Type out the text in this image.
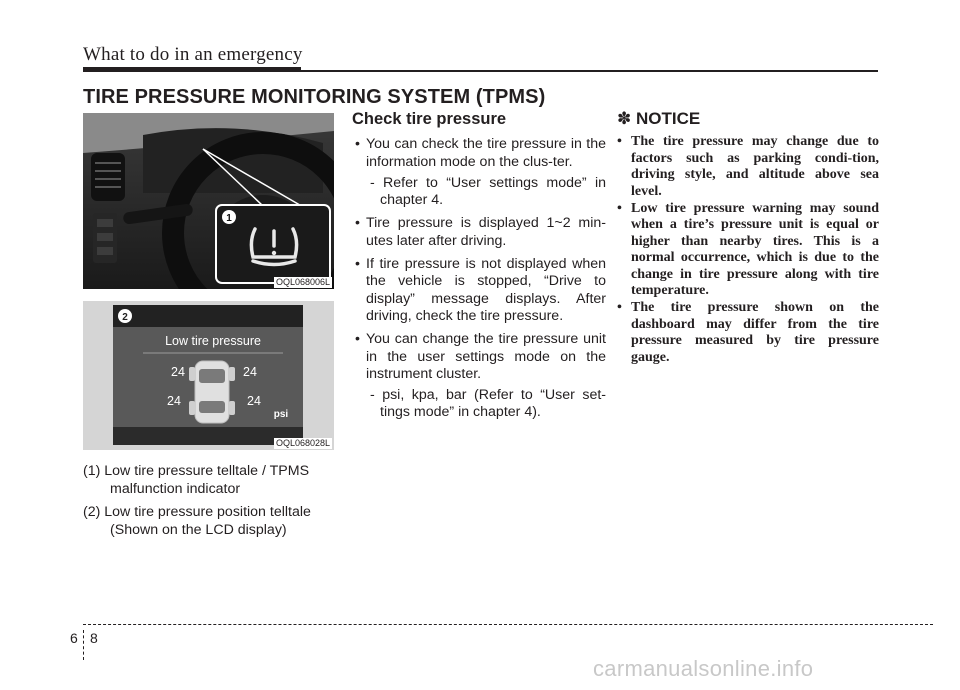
What to do in an emergency
TIRE PRESSURE MONITORING SYSTEM (TPMS)
1
OQL068006L
2
Low tire pressure
24	24
24	24
psi
OQL068028L
(1) Low tire pressure telltale / TPMS malfunction indicator
(2) Low tire pressure position telltale (Shown on the LCD display)
Check tire pressure
• You can check the tire pressure in the information mode on the clus-ter.
- Refer to “User settings mode” in chapter 4.
• Tire pressure is displayed 1~2 min-utes later after driving.
• If tire pressure is not displayed when the vehicle is stopped, “Drive to display” message displays. After driving, check the tire pressure.
• You can change the tire pressure unit in the user settings mode on the instrument cluster.
- psi, kpa, bar (Refer to “User set-tings mode” in chapter 4).
✽ NOTICE
• The tire pressure may change due to factors such as parking condi-tion, driving style, and altitude above sea level.
• Low tire pressure warning may sound when a tire’s pressure unit is equal or higher than nearby tires. This is a normal occurrence, which is due to the change in tire pressure along with tire temperature.
• The tire pressure shown on the dashboard may differ from the tire pressure measured by tire pressure gauge.
6 8
carmanualsonline.info
